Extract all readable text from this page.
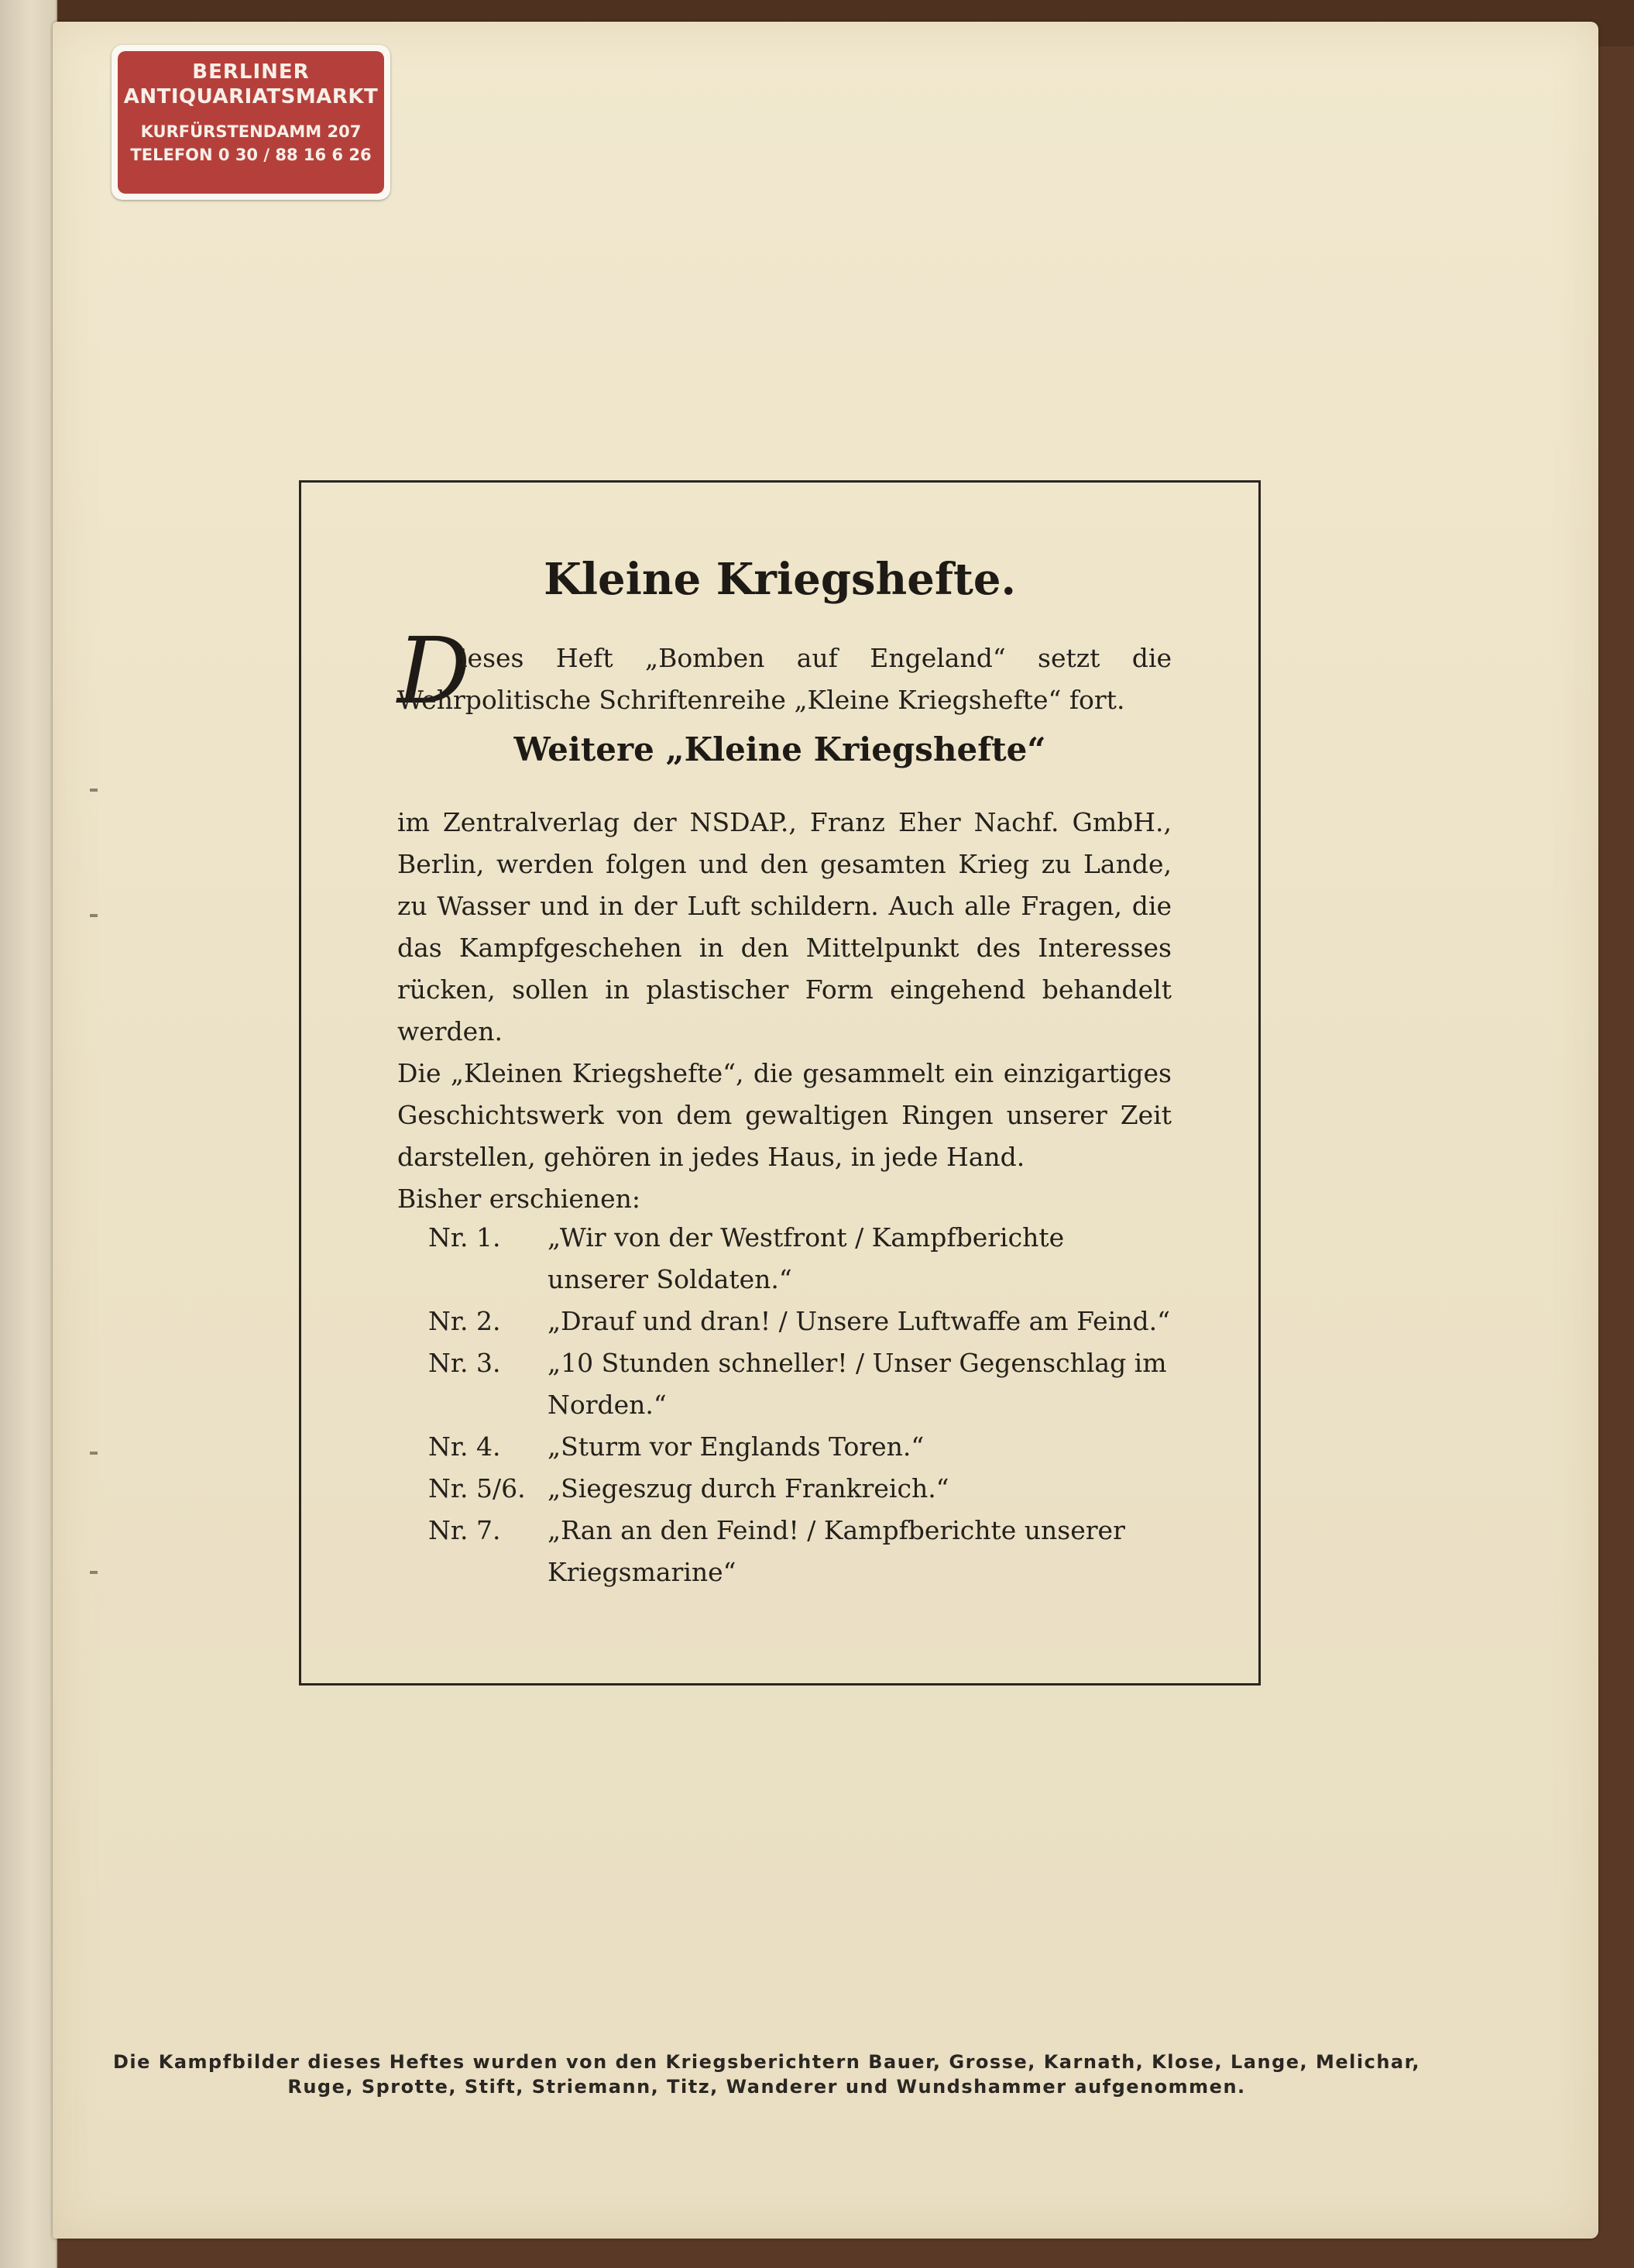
BERLINER
ANTIQUARIATSMARKT
KURFÜRSTENDAMM 207
TELEFON 0 30 / 88 16 6 26
Kleine Kriegshefte.
D
ieses Heft „Bomben auf Engeland“ setzt die Wehrpolitische Schriftenreihe „Kleine Kriegshefte“ fort.
Weitere „Kleine Kriegshefte“

im Zentralverlag der NSDAP., Franz Eher Nachf. GmbH., Berlin, werden folgen und den gesamten Krieg zu Lande, zu Wasser und in der Luft schildern. Auch alle Fragen, die das Kampfgeschehen in den Mittelpunkt des Interesses rücken, sollen in plastischer Form eingehend behandelt werden.

Die „Kleinen Kriegshefte“, die gesammelt ein einzigartiges Geschichtswerk von dem gewaltigen Ringen unserer Zeit darstellen, gehören in jedes Haus, in jede Hand.

Bisher erschienen:

Nr. 1.	„Wir von der Westfront / Kampfberichte unserer Soldaten.“
Nr. 2.	„Drauf und dran! / Unsere Luftwaffe am Feind.“
Nr. 3.	„10 Stunden schneller! / Unser Gegenschlag im Norden.“
Nr. 4.	„Sturm vor Englands Toren.“
Nr. 5/6. „Siegeszug durch Frankreich.“
Nr. 7.	„Ran an den Feind! / Kampfberichte unserer Kriegsmarine“
Die Kampfbilder dieses Heftes wurden von den Kriegsberichtern Bauer, Grosse, Karnath, Klose, Lange, Melichar, Ruge, Sprotte, Stift, Striemann, Titz, Wanderer und Wundshammer aufgenommen.
